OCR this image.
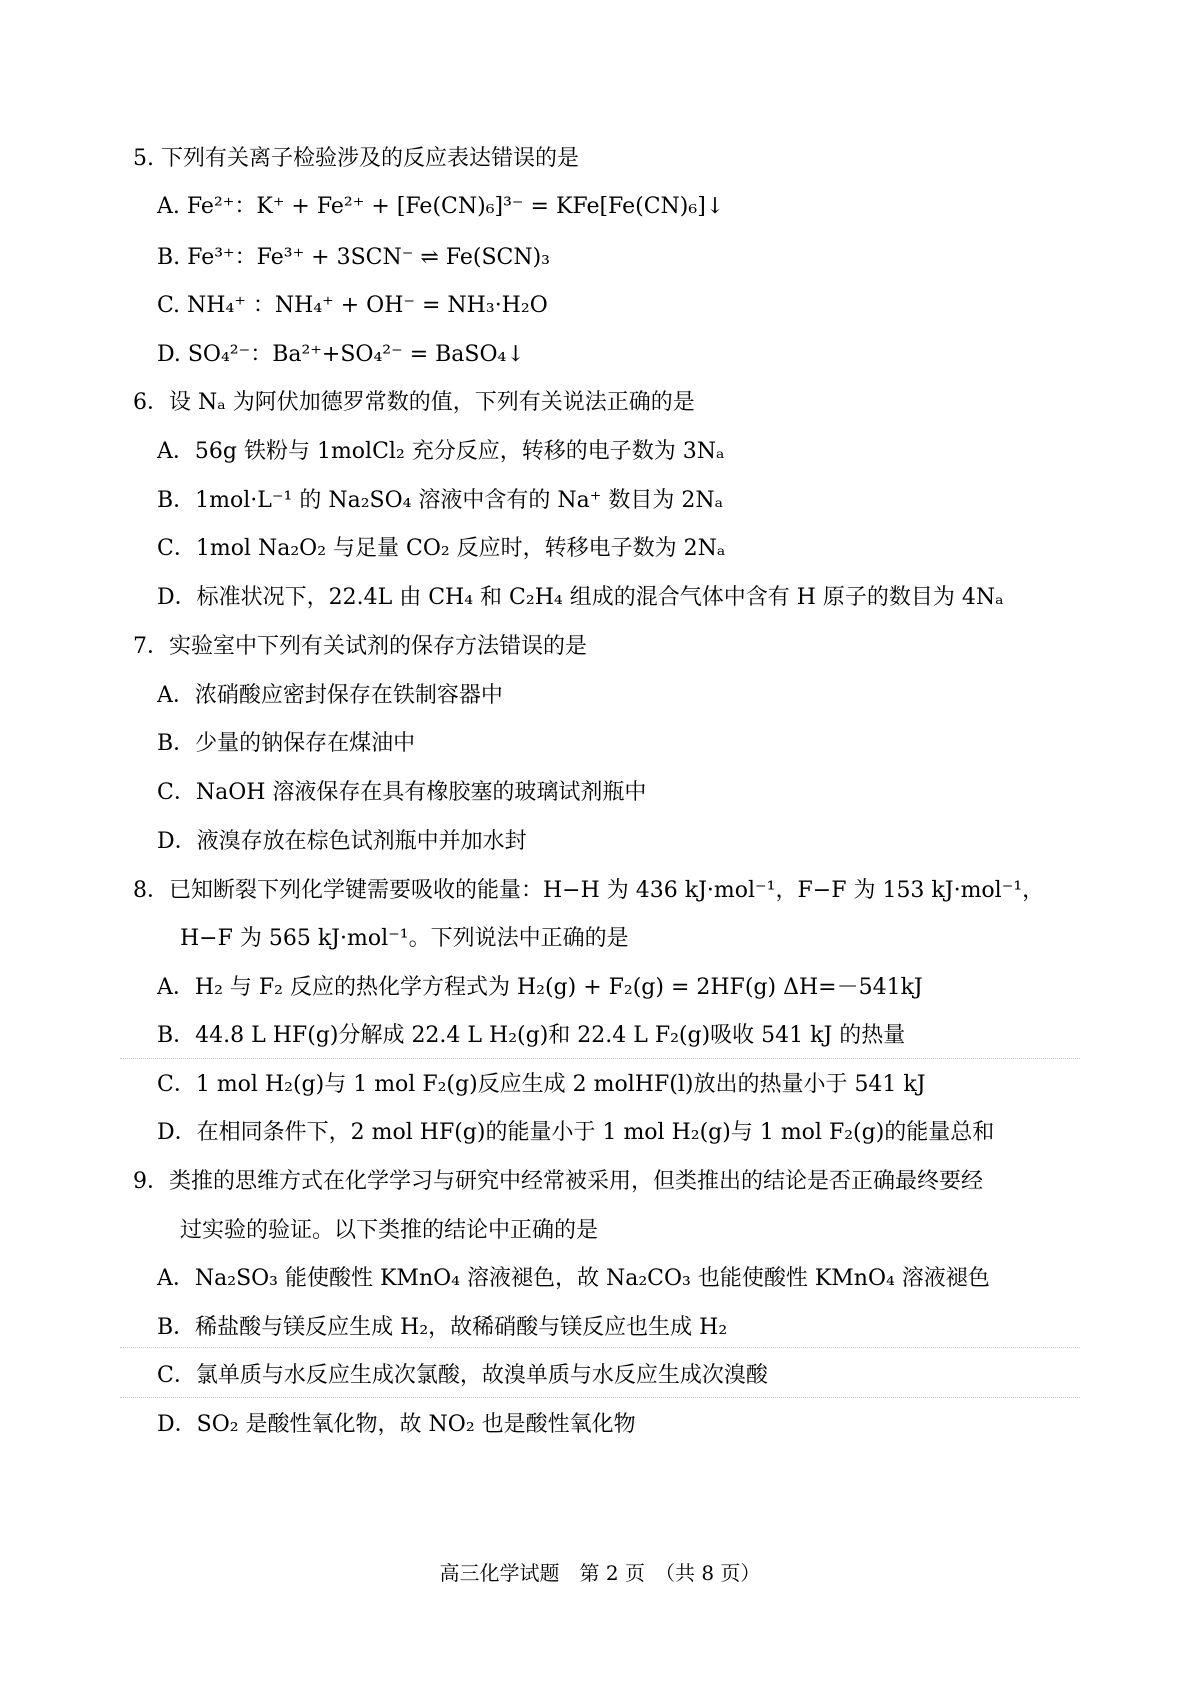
5. 下列有关离子检验涉及的反应表达错误的是
A. Fe²⁺：K⁺ + Fe²⁺ + [Fe(CN)₆]³⁻ = KFe[Fe(CN)₆]↓
B. Fe³⁺：Fe³⁺ + 3SCN⁻ ⇌ Fe(SCN)₃
C. NH₄⁺ ：NH₄⁺ + OH⁻ = NH₃·H₂O
D. SO₄²⁻：Ba²⁺+SO₄²⁻ = BaSO₄↓
6．设 Nₐ 为阿伏加德罗常数的值，下列有关说法正确的是
A．56g 铁粉与 1molCl₂ 充分反应，转移的电子数为 3Nₐ
B．1mol·L⁻¹ 的 Na₂SO₄ 溶液中含有的 Na⁺ 数目为 2Nₐ
C．1mol Na₂O₂ 与足量 CO₂ 反应时，转移电子数为 2Nₐ
D．标准状况下，22.4L 由 CH₄ 和 C₂H₄ 组成的混合气体中含有 H 原子的数目为 4Nₐ
7．实验室中下列有关试剂的保存方法错误的是
A．浓硝酸应密封保存在铁制容器中
B．少量的钠保存在煤油中
C．NaOH 溶液保存在具有橡胶塞的玻璃试剂瓶中
D．液溴存放在棕色试剂瓶中并加水封
8．已知断裂下列化学键需要吸收的能量：H−H 为 436 kJ·mol⁻¹，F−F 为 153 kJ·mol⁻¹，
H−F 为 565 kJ·mol⁻¹。下列说法中正确的是
A．H₂ 与 F₂ 反应的热化学方程式为 H₂(g) + F₂(g) = 2HF(g) ΔH=－541kJ
B．44.8 L HF(g)分解成 22.4 L H₂(g)和 22.4 L F₂(g)吸收 541 kJ 的热量
C．1 mol H₂(g)与 1 mol F₂(g)反应生成 2 molHF(l)放出的热量小于 541 kJ
D．在相同条件下，2 mol HF(g)的能量小于 1 mol H₂(g)与 1 mol F₂(g)的能量总和
9．类推的思维方式在化学学习与研究中经常被采用，但类推出的结论是否正确最终要经
过实验的验证。以下类推的结论中正确的是
A．Na₂SO₃ 能使酸性 KMnO₄ 溶液褪色，故 Na₂CO₃ 也能使酸性 KMnO₄ 溶液褪色
B．稀盐酸与镁反应生成 H₂，故稀硝酸与镁反应也生成 H₂
C．氯单质与水反应生成次氯酸，故溴单质与水反应生成次溴酸
D．SO₂ 是酸性氧化物，故 NO₂ 也是酸性氧化物
高三化学试题　第 2 页　（共 8 页）
